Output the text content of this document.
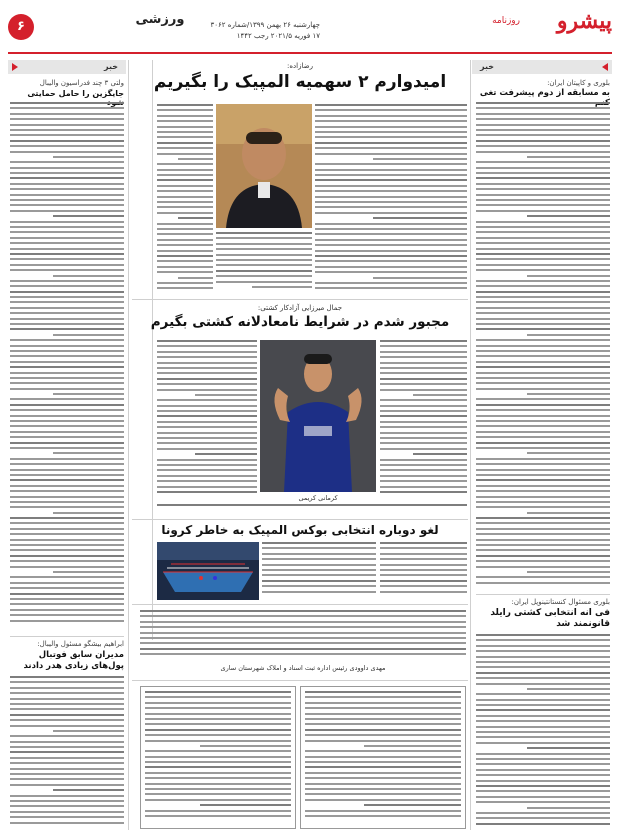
۶	ورزشی	چهارشنبه ۲۶ بهمن ۱۳۹۹/شماره ۳۰۶۲
۱۷ فوریه ۲۰۲۱/۵ رجب ۱۴۴۲
پیشرو
روزنامه
خبر
خبر
بلوری و کاپیتان ایران:
به مسابقه از دوم پیشرفت تغی
بلوری مسئوال کنستانتینوپل ایران:
فی‌ انه انتخابی کشتی رایلد قانونمند شد
رضازاده:
امیدوارم ۲ سهمیه المپیک را بگیریم
جمال میرزایی آزادکار کشتی:
مجبور شدم در شرایط نامعادلانه کشتی بگیرم
کرمانی کریمی
لغو دوباره انتخابی بوکس المپیک به خاطر کرونا
مهدی داوودی رئیس اداره ثبت اسناد و املاک شهرستان ساری
ولتی ۳ چند فدراسیون والیبال
جایگزین را حامل حمایتی
ابراهیم بیشگو مسئول والیبال:
مدیران سابق فوتبال پول‌های زیادی هدر دادند
